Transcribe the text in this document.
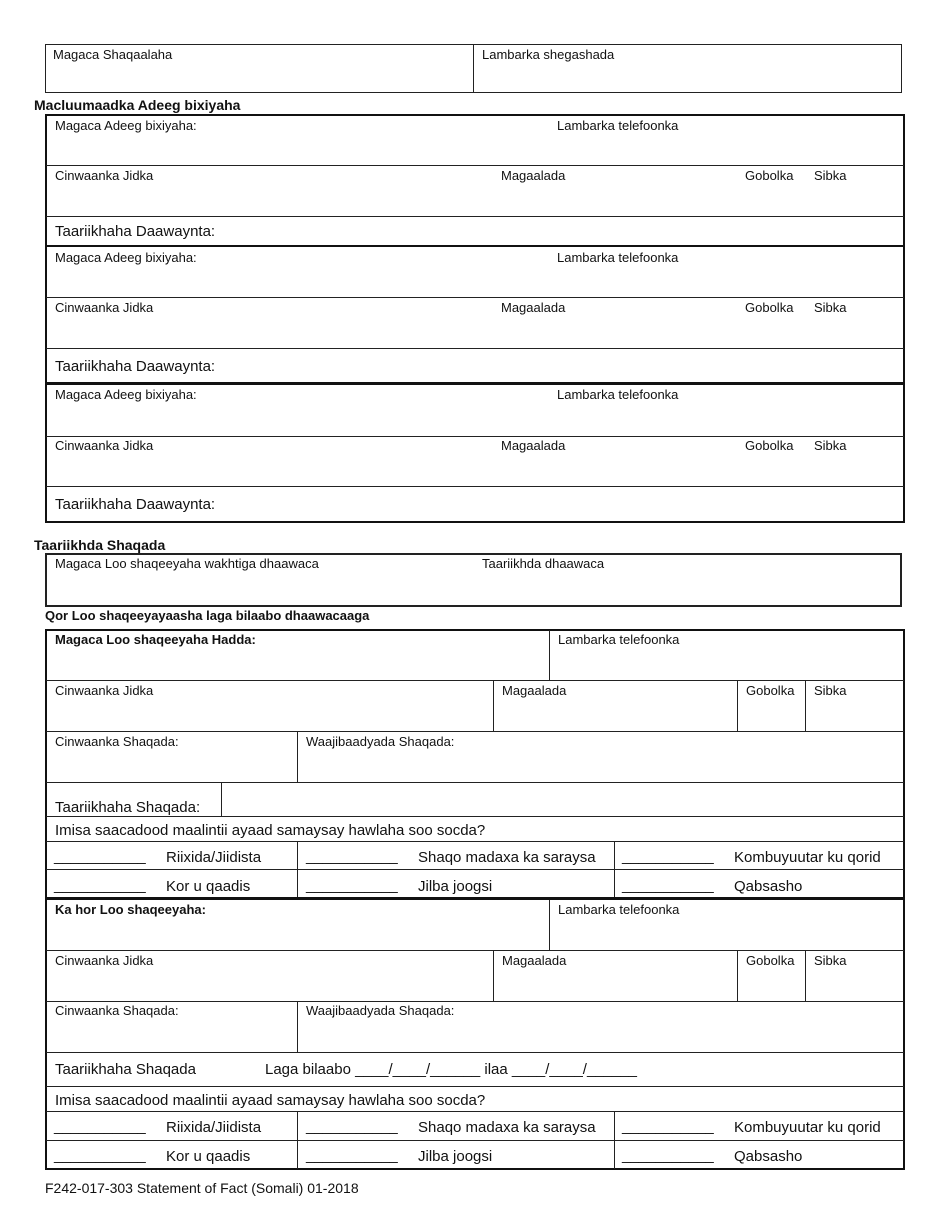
Magaca Shaqaalaha	Lambarka shegashada
Macluumaadka Adeeg bixiyaha
Magaca Adeeg bixiyaha:	Lambarka telefoonka
Cinwaanka Jidka	Magaalada	Gobolka Sibka
Taariikhaha Daawaynta:
Magaca Adeeg bixiyaha:	Lambarka telefoonka
Cinwaanka Jidka	Magaalada	Gobolka Sibka
Taariikhaha Daawaynta:
Magaca Adeeg bixiyaha:	Lambarka telefoonka
Cinwaanka Jidka	Magaalada	Gobolka Sibka
Taariikhaha Daawaynta:
Taariikhda Shaqada
Magaca Loo shaqeeyaha wakhtiga dhaawaca	Taariikhda dhaawaca
Qor Loo shaqeeyayaasha laga bilaabo dhaawacaaga
Magaca Loo shaqeeyaha Hadda:	Lambarka telefoonka
Cinwaanka Jidka	Magaalada	Gobolka Sibka
Cinwaanka Shaqada:	Waajibaadyada Shaqada:
Taariikhaha Shaqada:
Imisa saacadood maalintii ayaad samaysay hawlaha soo socda?
___________ Riixida/Jiidista	___________ Shaqo madaxa ka saraysa ___________ Kombuyuutar ku qorid
___________ Kor u qaadis	___________ Jilba joogsi	___________ Qabsasho
Ka hor Loo shaqeeyaha:	Lambarka telefoonka
Cinwaanka Jidka	Magaalada	Gobolka Sibka
Cinwaanka Shaqada:	Waajibaadyada Shaqada:
Taariikhaha Shaqada	Laga bilaabo ____/____/______ ilaa ____/____/______
Imisa saacadood maalintii ayaad samaysay hawlaha soo socda?
___________ Riixida/Jiidista	___________ Shaqo madaxa ka saraysa ___________ Kombuyuutar ku qorid
___________ Kor u qaadis	___________ Jilba joogsi	___________ Qabsasho
F242-017-303 Statement of Fact (Somali) 01-2018
